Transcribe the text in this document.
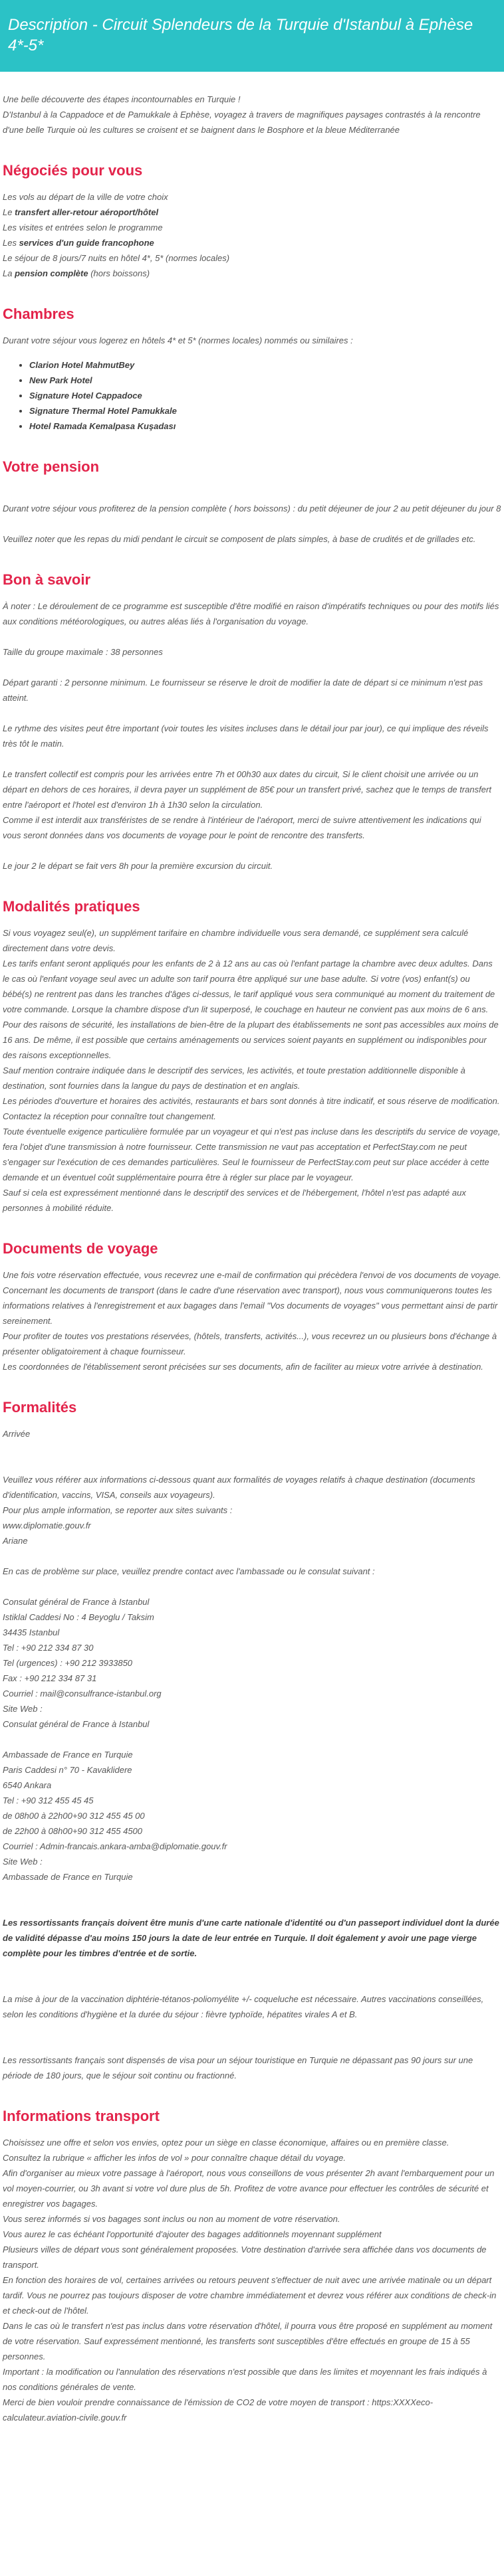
Description - Circuit Splendeurs de la Turquie d'Istanbul à Ephèse 4*-5*

Une belle découverte des étapes incontournables en Turquie !

D'Istanbul à la Cappadoce et de Pamukkale à Ephèse, voyagez à travers de magnifiques paysages contrastés à la rencontre d'une belle Turquie où les cultures se croisent et se baignent dans le Bosphore et la bleue Méditerranée

Négociés pour vous

Les vols au départ de la ville de votre choix

Le transfert aller-retour aéroport/hôtel

Les visites et entrées selon le programme

Les services d'un guide francophone

Le séjour de 8 jours/7 nuits en hôtel 4*, 5* (normes locales)

La pension complète (hors boissons)

Chambres

Durant votre séjour vous logerez en hôtels 4* et 5* (normes locales) nommés ou similaires :

• Clarion Hotel MahmutBey
• New Park Hotel
• Signature Hotel Cappadoce
• Signature Thermal Hotel Pamukkale
• Hotel Ramada Kemalpasa Kuşadası
Votre pension

Durant votre séjour vous profiterez de la pension complète ( hors boissons) : du petit déjeuner de jour 2 au petit déjeuner du jour 8

Veuillez noter que les repas du midi pendant le circuit se composent de plats simples, à base de crudités et de grillades etc.

Bon à savoir

À noter : Le déroulement de ce programme est susceptible d'être modifié en raison d'impératifs techniques ou pour des motifs liés aux conditions météorologiques, ou autres aléas liés à l'organisation du voyage.

Taille du groupe maximale : 38 personnes

Départ garanti : 2 personne minimum. Le fournisseur se réserve le droit de modifier la date de départ si ce minimum n'est pas atteint.

Le rythme des visites peut être important (voir toutes les visites incluses dans le détail jour par jour), ce qui implique des réveils très tôt le matin.

Le transfert collectif est compris pour les arrivées entre 7h et 00h30 aux dates du circuit, Si le client choisit une arrivée ou un départ en dehors de ces horaires, il devra payer un supplément de 85€ pour un transfert privé, sachez que le temps de transfert entre l'aéroport et l'hotel est d'environ 1h à 1h30 selon la circulation.

Comme il est interdit aux transféristes de se rendre à l'intérieur de l'aéroport, merci de suivre attentivement les indications qui vous seront données dans vos documents de voyage pour le point de rencontre des transferts.

Le jour 2 le départ se fait vers 8h pour la première excursion du circuit.

Modalités pratiques

Si vous voyagez seul(e), un supplément tarifaire en chambre individuelle vous sera demandé, ce supplément sera calculé directement dans votre devis.

Les tarifs enfant seront appliqués pour les enfants de 2 à 12 ans au cas où l'enfant partage la chambre avec deux adultes. Dans le cas où l'enfant voyage seul avec un adulte son tarif pourra être appliqué sur une base adulte. Si votre (vos) enfant(s) ou bébé(s) ne rentrent pas dans les tranches d'âges ci-dessus, le tarif appliqué vous sera communiqué au moment du traitement de votre commande. Lorsque la chambre dispose d'un lit superposé, le couchage en hauteur ne convient pas aux moins de 6 ans.

Pour des raisons de sécurité, les installations de bien-être de la plupart des établissements ne sont pas accessibles aux moins de 16 ans. De même, il est possible que certains aménagements ou services soient payants en supplément ou indisponibles pour des raisons exceptionnelles.

Sauf mention contraire indiquée dans le descriptif des services, les activités, et toute prestation additionnelle disponible à destination, sont fournies dans la langue du pays de destination et en anglais.

Les périodes d'ouverture et horaires des activités, restaurants et bars sont donnés à titre indicatif, et sous réserve de modification. Contactez la réception pour connaître tout changement.

Toute éventuelle exigence particulière formulée par un voyageur et qui n'est pas incluse dans les descriptifs du service de voyage, fera l'objet d'une transmission à notre fournisseur. Cette transmission ne vaut pas acceptation et PerfectStay.com ne peut s'engager sur l'exécution de ces demandes particulières. Seul le fournisseur de PerfectStay.com peut sur place accéder à cette demande et un éventuel coût supplémentaire pourra être à régler sur place par le voyageur.

Sauf si cela est expressément mentionné dans le descriptif des services et de l'hébergement, l'hôtel n'est pas adapté aux personnes à mobilité réduite.

Documents de voyage

Une fois votre réservation effectuée, vous recevrez une e-mail de confirmation qui précèdera l'envoi de vos documents de voyage.

Concernant les documents de transport (dans le cadre d'une réservation avec transport), nous vous communiquerons toutes les informations relatives à l'enregistrement et aux bagages dans l'email "Vos documents de voyages" vous permettant ainsi de partir sereinement.

Pour profiter de toutes vos prestations réservées, (hôtels, transferts, activités...), vous recevrez un ou plusieurs bons d'échange à présenter obligatoirement à chaque fournisseur.

Les coordonnées de l'établissement seront précisées sur ses documents, afin de faciliter au mieux votre arrivée à destination.

Formalités

Arrivée

Veuillez vous référer aux informations ci-dessous quant aux formalités de voyages relatifs à chaque destination (documents d'identification, vaccins, VISA, conseils aux voyageurs).

Pour plus ample information, se reporter aux sites suivants :

www.diplomatie.gouv.fr

Ariane

En cas de problème sur place, veuillez prendre contact avec l'ambassade ou le consulat suivant :

Consulat général de France à Istanbul

Istiklal Caddesi No : 4 Beyoglu / Taksim

34435 Istanbul

Tel : +90 212 334 87 30

Tel (urgences) : +90 212 3933850

Fax : +90 212 334 87 31

Courriel : mail@consulfrance-istanbul.org

Site Web :

Consulat général de France à Istanbul

Ambassade de France en Turquie

Paris Caddesi n° 70 - Kavaklidere

6540 Ankara

Tel : +90 312 455 45 45

de 08h00 à 22h00+90 312 455 45 00

de 22h00 à 08h00+90 312 455 4500

Courriel : Admin-francais.ankara-amba@diplomatie.gouv.fr

Site Web :

Ambassade de France en Turquie

Les ressortissants français doivent être munis d'une carte nationale d'identité ou d'un passeport individuel dont la durée de validité dépasse d'au moins 150 jours la date de leur entrée en Turquie. Il doit également y avoir une page vierge complète pour les timbres d'entrée et de sortie.

La mise à jour de la vaccination diphtérie-tétanos-poliomyélite +/- coqueluche est nécessaire. Autres vaccinations conseillées, selon les conditions d'hygiène et la durée du séjour : fièvre typhoïde, hépatites virales A et B.

Les ressortissants français sont dispensés de visa pour un séjour touristique en Turquie ne dépassant pas 90 jours sur une période de 180 jours, que le séjour soit continu ou fractionné.

Informations transport

Choisissez une offre et selon vos envies, optez pour un siège en classe économique, affaires ou en première classe.

Consultez la rubrique « afficher les infos de vol » pour connaître chaque détail du voyage.

Afin d'organiser au mieux votre passage à l'aéroport, nous vous conseillons de vous présenter 2h avant l'embarquement pour un vol moyen-courrier, ou 3h avant si votre vol dure plus de 5h. Profitez de votre avance pour effectuer les contrôles de sécurité et enregistrer vos bagages.

Vous serez informés si vos bagages sont inclus ou non au moment de votre réservation.

Vous aurez le cas échéant l'opportunité d'ajouter des bagages additionnels moyennant supplément

Plusieurs villes de départ vous sont généralement proposées. Votre destination d'arrivée sera affichée dans vos documents de transport.

En fonction des horaires de vol, certaines arrivées ou retours peuvent s'effectuer de nuit avec une arrivée matinale ou un départ tardif. Vous ne pourrez pas toujours disposer de votre chambre immédiatement et devrez vous référer aux conditions de check-in et check-out de l'hôtel.

Dans le cas où le transfert n'est pas inclus dans votre réservation d'hôtel, il pourra vous être proposé en supplément au moment de votre réservation. Sauf expressément mentionné, les transferts sont susceptibles d'être effectués en groupe de 15 à 55 personnes.

Important : la modification ou l'annulation des réservations n'est possible que dans les limites et moyennant les frais indiqués à nos conditions générales de vente.

Merci de bien vouloir prendre connaissance de l'émission de CO2 de votre moyen de transport : https:XXXXeco-calculateur.aviation-civile.gouv.fr
